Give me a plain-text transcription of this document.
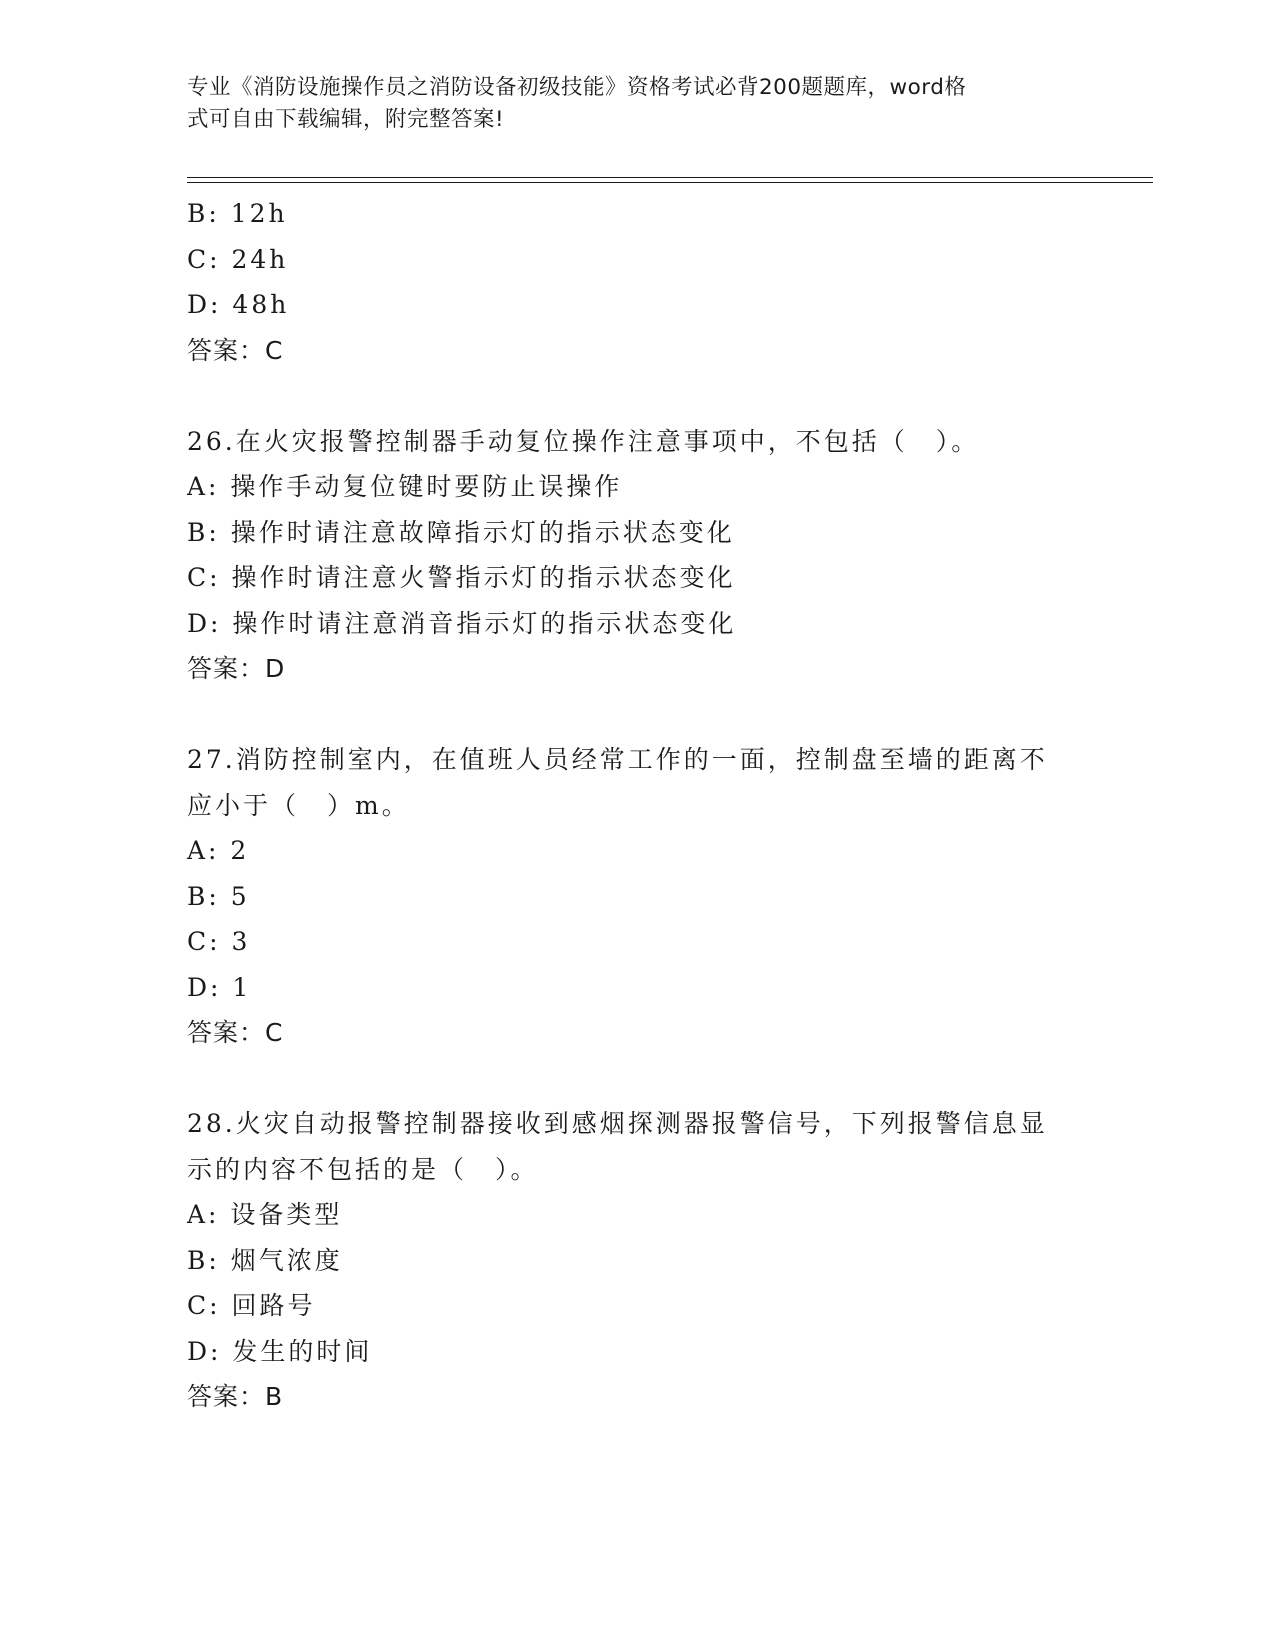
专业《消防设施操作员之消防设备初级技能》资格考试必背200题题库，word格
式可自由下载编辑，附完整答案!
B: 12h
C: 24h
D: 48h
答案：C
26.在火灾报警控制器手动复位操作注意事项中，不包括（　）。
A: 操作手动复位键时要防止误操作
B: 操作时请注意故障指示灯的指示状态变化
C: 操作时请注意火警指示灯的指示状态变化
D: 操作时请注意消音指示灯的指示状态变化
答案：D
27.消防控制室内，在值班人员经常工作的一面，控制盘至墙的距离不
应小于（　）m。
A: 2
B: 5
C: 3
D: 1
答案：C
28.火灾自动报警控制器接收到感烟探测器报警信号，下列报警信息显
示的内容不包括的是（　）。
A: 设备类型
B: 烟气浓度
C: 回路号
D: 发生的时间
答案：B
